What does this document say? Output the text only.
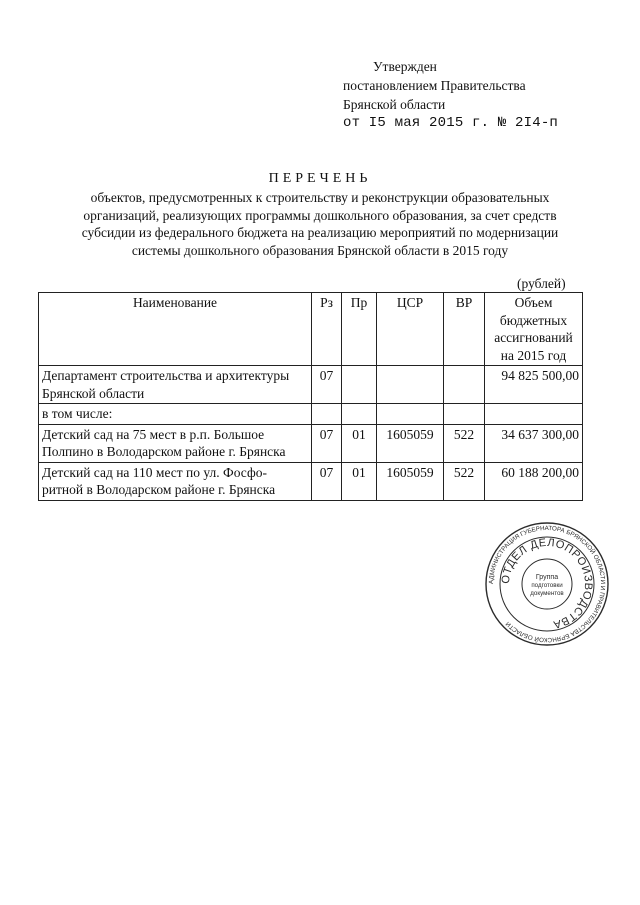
Утвержден
постановлением Правительства
Брянской области
от I5 мая 2015 г. № 2I4-п
ПЕРЕЧЕНЬ
объектов, предусмотренных к строительству и реконструкции образовательных
организаций, реализующих программы дошкольного образования, за счет средств
субсидии из федерального бюджета на реализацию мероприятий по модернизации
системы дошкольного образования Брянской области в 2015 году
(рублей)
Наименование	Рз	Пр	ЦСР	ВР	Объем бюджетных ассигнований на 2015 год
Департамент строительства и архитектуры Брянской области	07				94 825 500,00
в том числе:					
Детский сад на 75 мест в р.п. Большое Полпино в Володарском районе г. Брянска	07	01	1605059	522	34 637 300,00
Детский сад на 110 мест по ул. Фосфо-ритной в Володарском районе г. Брянска	07	01	1605059	522	60 188 200,00
АДМИНИСТРАЦИЯ ГУБЕРНАТОРА БРЯНСКОЙ ОБЛАСТИ И ПРАВИТЕЛЬСТВА БРЯНСКОЙ ОБЛАСТИ
ОТДЕЛ ДЕЛОПРОИЗВОДСТВА
Группа
подготовки
документов
